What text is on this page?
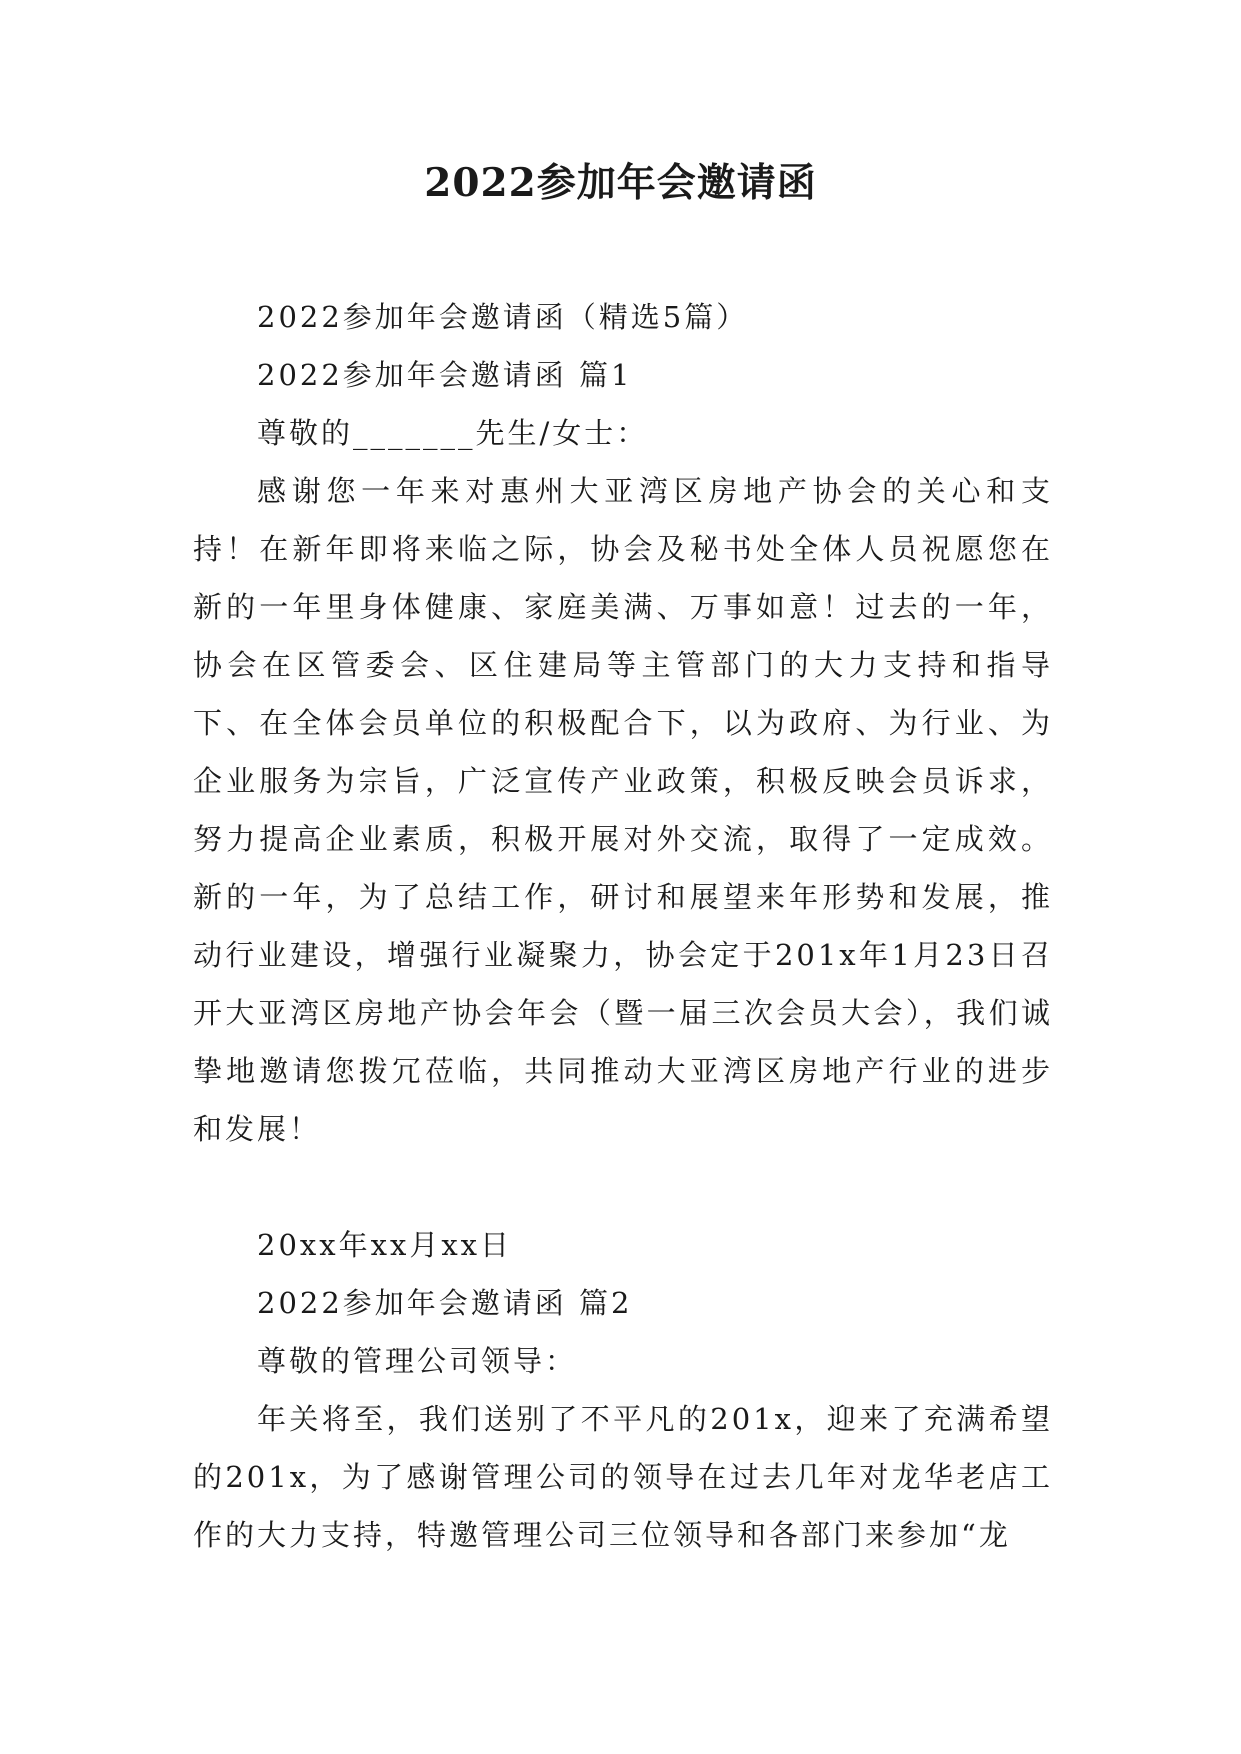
2022参加年会邀请函

2022参加年会邀请函（精选5篇）

2022参加年会邀请函 篇1

尊敬的_______先生/女士：

感谢您一年来对惠州大亚湾区房地产协会的关心和支持！在新年即将来临之际，协会及秘书处全体人员祝愿您在新的一年里身体健康、家庭美满、万事如意！过去的一年，协会在区管委会、区住建局等主管部门的大力支持和指导下、在全体会员单位的积极配合下，以为政府、为行业、为企业服务为宗旨，广泛宣传产业政策，积极反映会员诉求，努力提高企业素质，积极开展对外交流，取得了一定成效。新的一年，为了总结工作，研讨和展望来年形势和发展，推动行业建设，增强行业凝聚力，协会定于201x年1月23日召开大亚湾区房地产协会年会（暨一届三次会员大会），我们诚挚地邀请您拨冗莅临，共同推动大亚湾区房地产行业的进步和发展！

20xx年xx月xx日

2022参加年会邀请函 篇2

尊敬的管理公司领导：

年关将至，我们送别了不平凡的201x，迎来了充满希望的201x，为了感谢管理公司的领导在过去几年对龙华老店工作的大力支持，特邀管理公司三位领导和各部门来参加“龙
